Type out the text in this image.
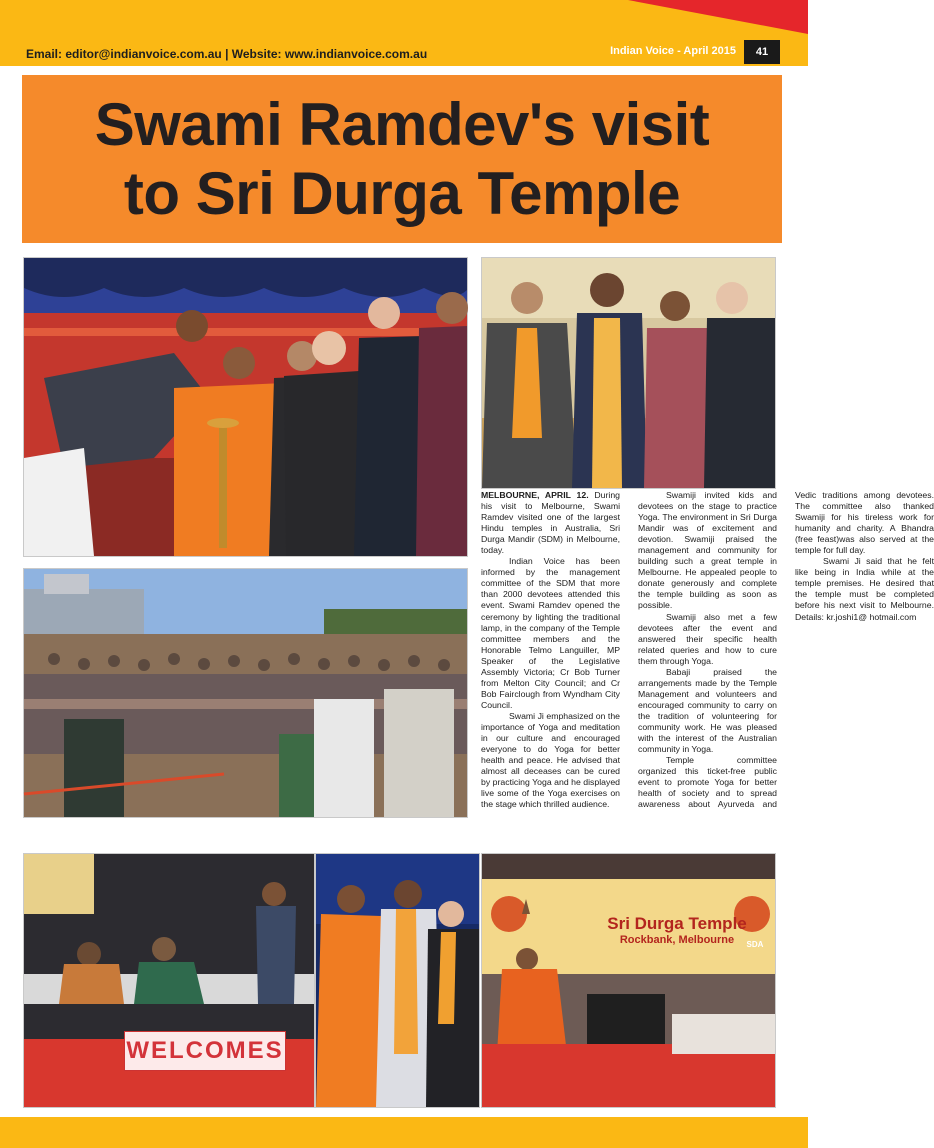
Email: editor@indianvoice.com.au | Website: www.indianvoice.com.au	Indian Voice - April 2015	41
Swami Ramdev's visit
to Sri Durga Temple
WELCOMES
Sri Durga Temple
Rockbank, Melbourne	SDA

MELBOURNE, APRIL 12. During his visit to Melbourne, Swami Ramdev visited one of the largest Hindu temples in Australia, Sri Durga Mandir (SDM) in Melbourne, today.

Indian Voice has been informed by the management committee of the SDM that more than 2000 devotees attended this event. Swami Ramdev opened the ceremony by lighting the traditional lamp, in the company of the Temple committee members and the Honorable Telmo Languiller, MP Speaker of the Legislative Assembly Victoria; Cr Bob Turner from Melton City Council; and Cr Bob Fairclough from Wyndham City Council.

Swami Ji emphasized on the importance of Yoga and meditation in our culture and encouraged everyone to do Yoga for better health and peace. He advised that almost all deceases can be cured by practicing Yoga and he displayed live some of the Yoga exercises on the stage which thrilled audience.

Swamiji invited kids and devotees on the stage to practice Yoga. The environment in Sri Durga Mandir was of excitement and devotion. Swamiji praised the management and community for building such a great temple in Melbourne. He appealed people to donate generously and complete the temple building as soon as possible.

Swamiji also met a few devotees after the event and answered their specific health related queries and how to cure them through Yoga.

Babaji praised the arrangements made by the Temple Management and volunteers and encouraged community to carry on the tradition of volunteering for community work. He was pleased with the interest of the Australian community in Yoga.

Temple committee organized this ticket-free public event to promote Yoga for better health of society and to spread awareness about Ayurveda and Vedic traditions among devotees. The committee also thanked Swamiji for his tireless work for humanity and charity. A Bhandra (free feast)was also served at the temple for full day.

Swami Ji said that he felt like being in India while at the temple premises. He desired that the temple must be completed before his next visit to Melbourne. Details: kr.joshi1@ hotmail.com
